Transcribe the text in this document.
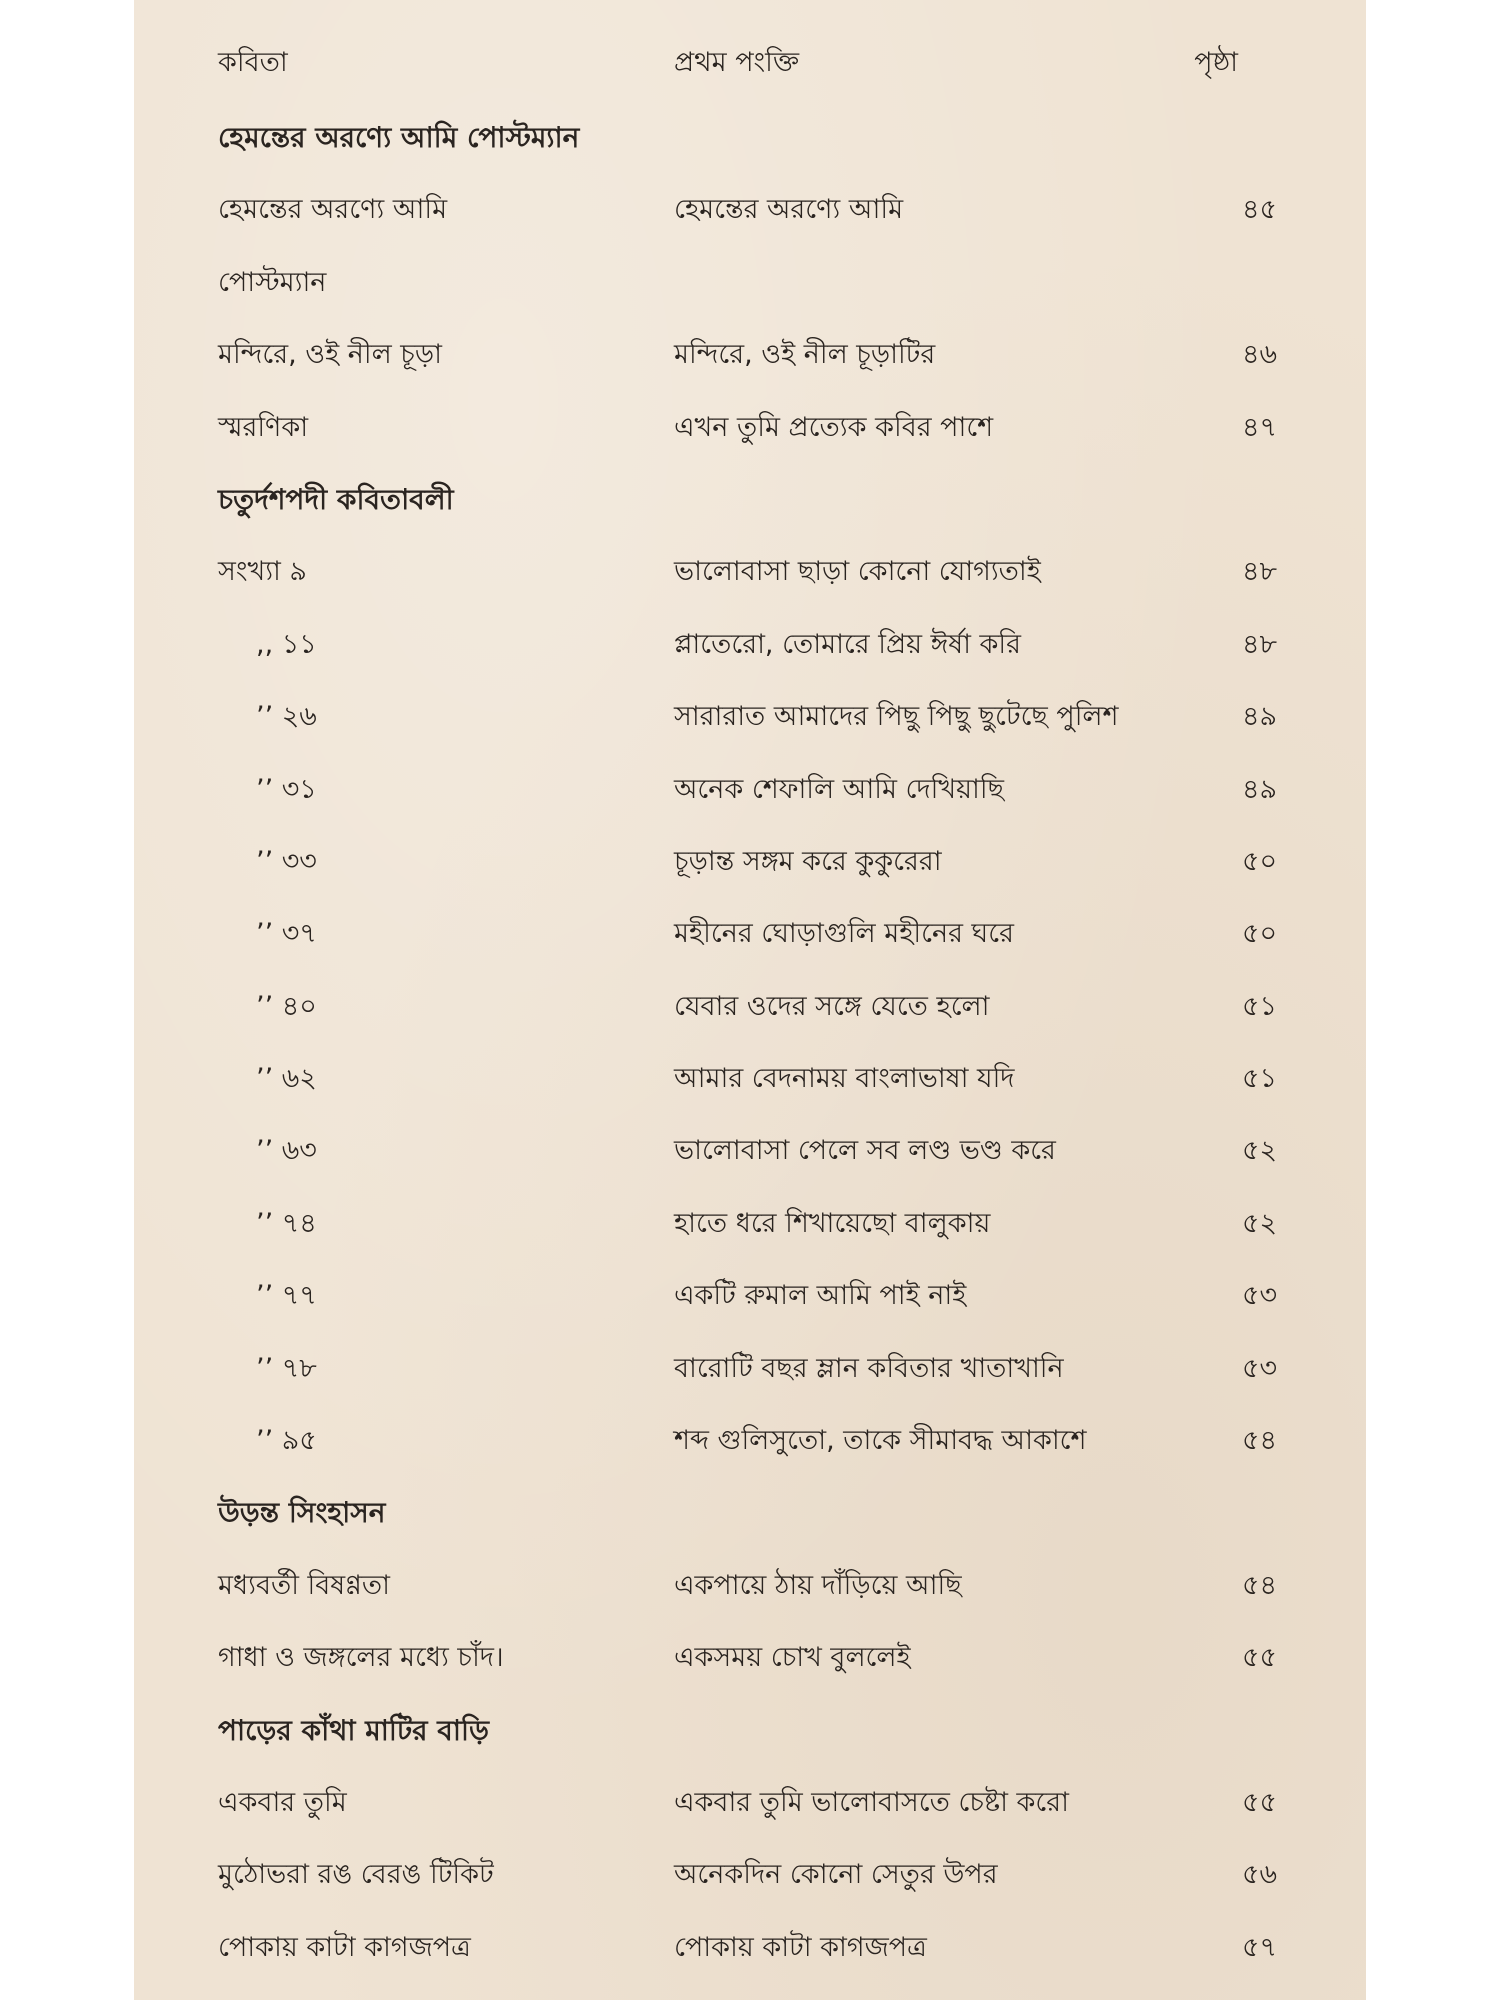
কবিতা	প্রথম পংক্তি	পৃষ্ঠা
হেমন্তের অরণ্যে আমি পোস্টম্যান
হেমন্তের অরণ্যে আমি	হেমন্তের অরণ্যে আমি	৪৫
পোস্টম্যান
মন্দিরে, ওই নীল চূড়া	মন্দিরে, ওই নীল চূড়াটির	৪৬
স্মরণিকা	এখন তুমি প্রত্যেক কবির পাশে	৪৭
চতুর্দশপদী কবিতাবলী
সংখ্যা ৯	ভালোবাসা ছাড়া কোনো যোগ্যতাই	৪৮
,, ১১	প্লাতেরো, তোমারে প্রিয় ঈর্ষা করি	৪৮
’’ ২৬	সারারাত আমাদের পিছু পিছু ছুটেছে পুলিশ	৪৯
’’ ৩১	অনেক শেফালি আমি দেখিয়াছি	৪৯
’’ ৩৩	চূড়ান্ত সঙ্গম করে কুকুরেরা	৫০
’’ ৩৭	মহীনের ঘোড়াগুলি মহীনের ঘরে	৫০
’’ ৪০	যেবার ওদের সঙ্গে যেতে হলো	৫১
’’ ৬২	আমার বেদনাময় বাংলাভাষা যদি	৫১
’’ ৬৩	ভালোবাসা পেলে সব লণ্ড ভণ্ড করে	৫২
’’ ৭৪	হাতে ধরে শিখায়েছো বালুকায়	৫২
’’ ৭৭	একটি রুমাল আমি পাই নাই	৫৩
’’ ৭৮	বারোটি বছর ম্লান কবিতার খাতাখানি	৫৩
’’ ৯৫	শব্দ গুলিসুতো, তাকে সীমাবদ্ধ আকাশে	৫৪
উড়ন্ত সিংহাসন
মধ্যবর্তী বিষণ্ণতা	একপায়ে ঠায় দাঁড়িয়ে আছি	৫৪
গাধা ও জঙ্গলের মধ্যে চাঁদ।	একসময় চোখ বুললেই	৫৫
পাড়ের কাঁথা মাটির বাড়ি
একবার তুমি	একবার তুমি ভালোবাসতে চেষ্টা করো	৫৫
মুঠোভরা রঙ বেরঙ টিকিট	অনেকদিন কোনো সেতুর উপর	৫৬
পোকায় কাটা কাগজপত্র	পোকায় কাটা কাগজপত্র	৫৭
